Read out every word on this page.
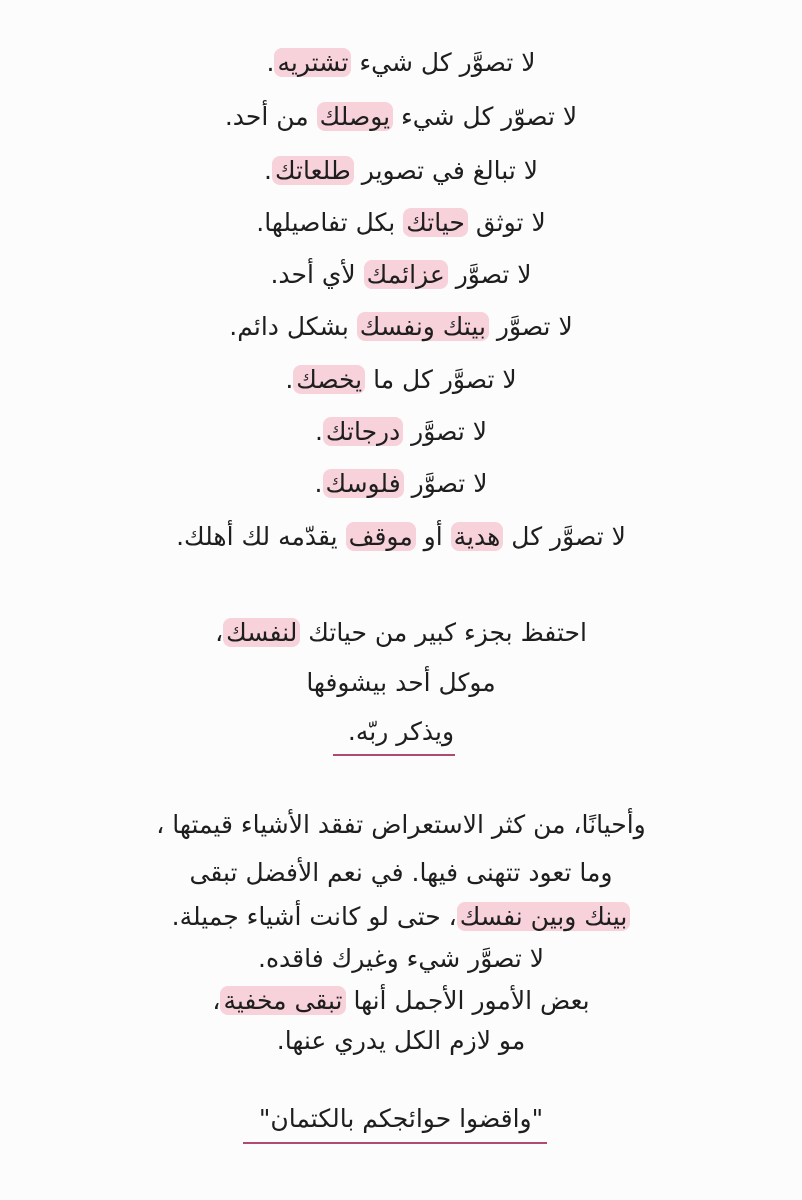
لا تصوَّر كل شيء تشتريه.
لا تصوّر كل شيء يوصلك من أحد.
لا تبالغ في تصوير طلعاتك.
لا توثق حياتك بكل تفاصيلها.
لا تصوَّر عزائمك لأي أحد.
لا تصوَّر بيتك ونفسك بشكل دائم.
لا تصوَّر كل ما يخصك.
لا تصوَّر درجاتك.
لا تصوَّر فلوسك.
لا تصوَّر كل هدية أو موقف يقدّمه لك أهلك.
احتفظ بجزء كبير من حياتك لنفسك،
موكل أحد بيشوفها
ويذكر ربّه.
وأحيانًا، من كثر الاستعراض تفقد الأشياء قيمتها ،
وما تعود تتهنى فيها. في نعم الأفضل تبقى
بينك وبين نفسك، حتى لو كانت أشياء جميلة.
لا تصوَّر شيء وغيرك فاقده.
بعض الأمور الأجمل أنها تبقى مخفية،
مو لازم الكل يدري عنها.
"واقضوا حوائجكم بالكتمان"
